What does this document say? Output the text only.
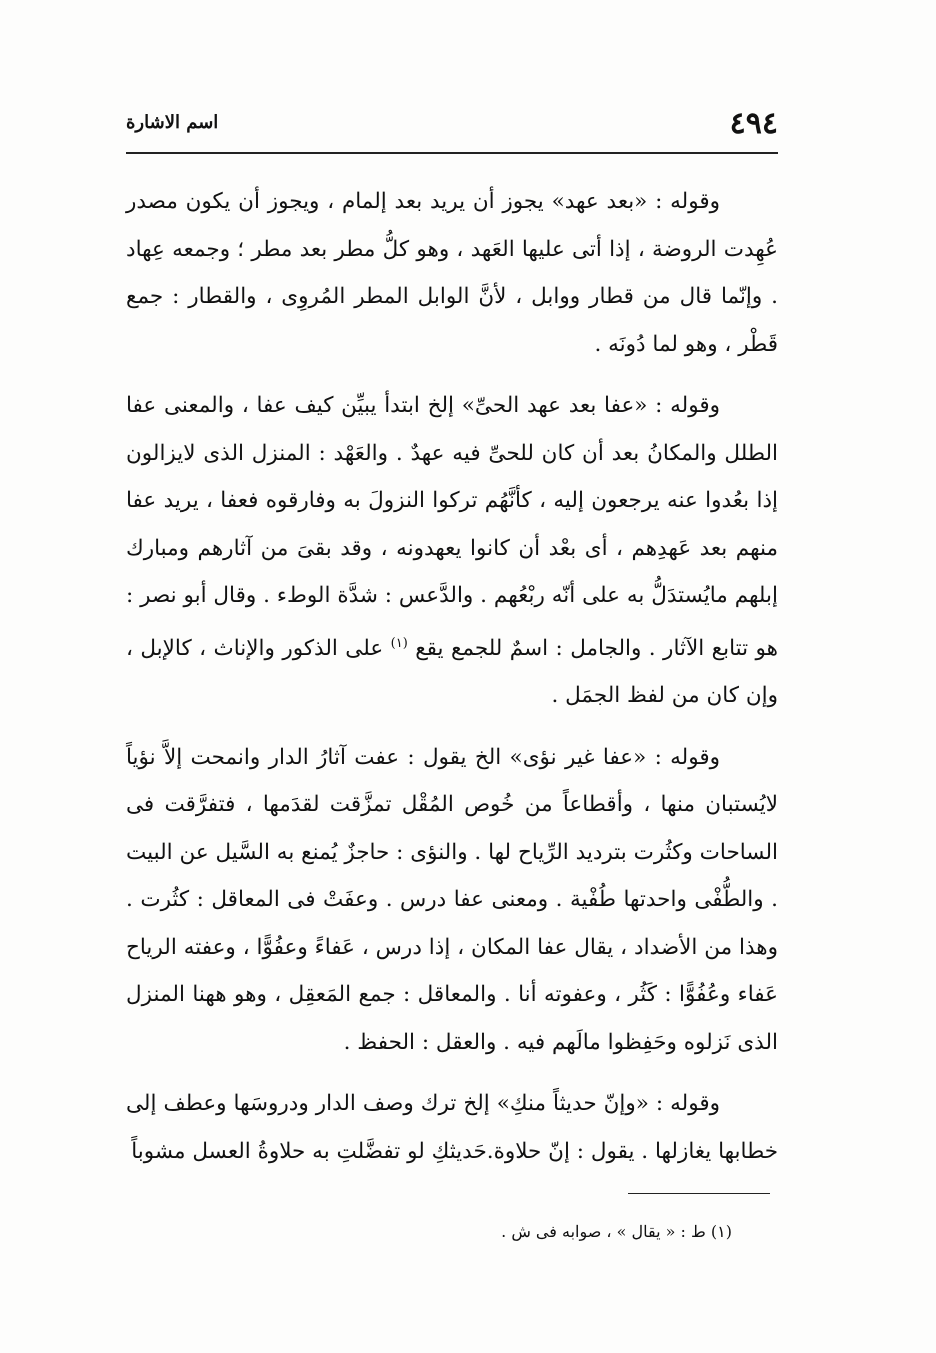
٤٩٤
اسم الاشارة

وقوله : «بعد عهد» يجوز أن يريد بعد إلمام ، ويجوز أن يكون مصدر عُهِدت الروضة ، إذا أتى عليها العَهد ، وهو كلُّ مطر بعد مطر ؛ وجمعه عِهاد . وإنّما قال من قطار ووابل ، لأنَّ الوابل المطر المُروِى ، والقطار : جمع قَطْر ، وهو لما دُونَه .

وقوله : «عفا بعد عهد الحىِّ» إلخ ابتدأ يبيِّن كيف عفا ، والمعنى عفا الطلل والمكانُ بعد أن كان للحىِّ فيه عهدٌ . والعَهْد : المنزل الذى لايزالون إذا بعُدوا عنه يرجعون إليه ، كأنَّهُم تركوا النزولَ به وفارقوه فعفا ، يريد عفا منهم بعد عَهدِهم ، أى بعْد أن كانوا يعهدونه ، وقد بقىَ من آثارهم ومبارك إبلهم مايُستدَلُّ به على أنّه ربْعُهم . والدَّعس : شدَّة الوطء . وقال أبو نصر : هو تتابع الآثار . والجامل : اسمٌ للجمع يقع $^{(١)}$ على الذكور والإناث ، كالإبل ، وإن كان من لفظ الجمَل .

وقوله : «عفا غير نؤى» الخ يقول : عفت آثارُ الدار وانمحت إلاَّ نؤياً لايُستبان منها ، وأقطاعاً من خُوص المُقْل تمزَّقت لقدَمها ، فتفرَّقت فى الساحات وكثُرت بترديد الرِّياح لها . والنؤى : حاجزٌ يُمنع به السَّيل عن البيت . والطُّفْى واحدتها طُفْية . ومعنى عفا درس . وعفَتْ فى المعاقل : كثُرت . وهذا من الأضداد ، يقال عفا المكان ، إذا درس ، عَفاءً وعفُوًّا ، وعفته الرياح عَفاء وعُفُوًّا : كَثُر ، وعفوته أنا . والمعاقل : جمع المَعقِل ، وهو ههنا المنزل الذى نَزلوه وحَفِظوا مالَهم فيه . والعقل : الحفظ .

وقوله : «وإنّ حديثاً منكِ» إلخ ترك وصف الدار ودروسَها وعطف إلى خطابها يغازلها . يقول : إنّ حلاوة.حَديثكِ لو تفضَّلتِ به حلاوةُ العسل مشوباً

(١) ط : « يقال » ، صوابه فى ش .
